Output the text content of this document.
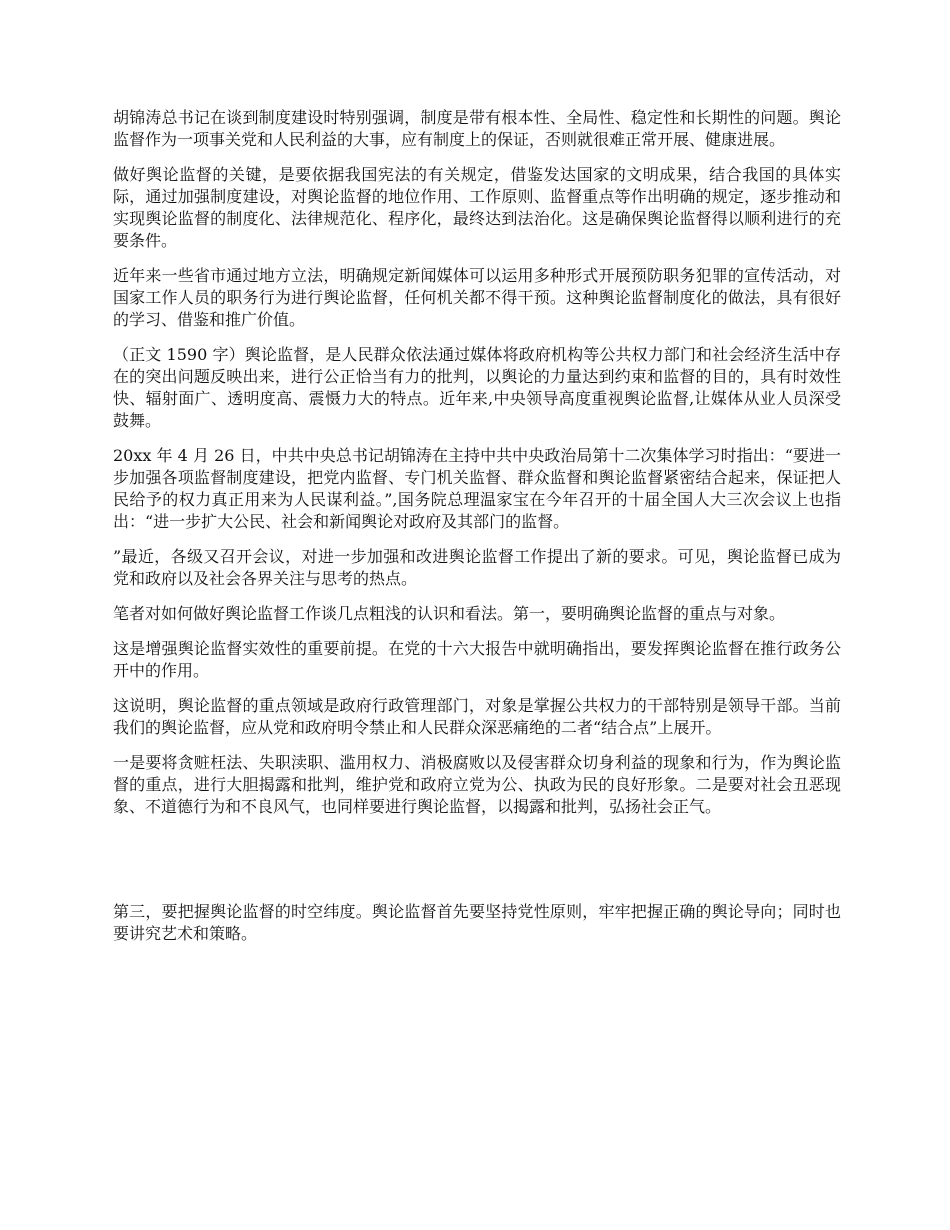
胡锦涛总书记在谈到制度建设时特别强调，制度是带有根本性、全局性、稳定性和长期性的问题。舆论监督作为一项事关党和人民利益的大事，应有制度上的保证，否则就很难正常开展、健康进展。

做好舆论监督的关键，是要依据我国宪法的有关规定，借鉴发达国家的文明成果，结合我国的具体实际，通过加强制度建设，对舆论监督的地位作用、工作原则、监督重点等作出明确的规定，逐步推动和实现舆论监督的制度化、法律规范化、程序化，最终达到法治化。这是确保舆论监督得以顺利进行的充要条件。

近年来一些省市通过地方立法，明确规定新闻媒体可以运用多种形式开展预防职务犯罪的宣传活动，对国家工作人员的职务行为进行舆论监督，任何机关都不得干预。这种舆论监督制度化的做法，具有很好的学习、借鉴和推广价值。

（正文 1590 字）舆论监督，是人民群众依法通过媒体将政府机构等公共权力部门和社会经济生活中存在的突出问题反映出来，进行公正恰当有力的批判，以舆论的力量达到约束和监督的目的，具有时效性快、辐射面广、透明度高、震慑力大的特点。近年来,中央领导高度重视舆论监督,让媒体从业人员深受鼓舞。

20xx 年 4 月 26 日，中共中央总书记胡锦涛在主持中共中央政治局第十二次集体学习时指出：“要进一步加强各项监督制度建设，把党内监督、专门机关监督、群众监督和舆论监督紧密结合起来，保证把人民给予的权力真正用来为人民谋利益。”,国务院总理温家宝在今年召开的十届全国人大三次会议上也指出：“进一步扩大公民、社会和新闻舆论对政府及其部门的监督。

”最近，各级又召开会议，对进一步加强和改进舆论监督工作提出了新的要求。可见，舆论监督已成为党和政府以及社会各界关注与思考的热点。

笔者对如何做好舆论监督工作谈几点粗浅的认识和看法。第一，要明确舆论监督的重点与对象。

这是增强舆论监督实效性的重要前提。在党的十六大报告中就明确指出，要发挥舆论监督在推行政务公开中的作用。

这说明，舆论监督的重点领域是政府行政管理部门，对象是掌握公共权力的干部特别是领导干部。当前我们的舆论监督，应从党和政府明令禁止和人民群众深恶痛绝的二者“结合点”上展开。

一是要将贪赃枉法、失职渎职、滥用权力、消极腐败以及侵害群众切身利益的现象和行为，作为舆论监督的重点，进行大胆揭露和批判，维护党和政府立党为公、执政为民的良好形象。二是要对社会丑恶现象、不道德行为和不良风气，也同样要进行舆论监督，以揭露和批判，弘扬社会正气。

第三，要把握舆论监督的时空纬度。舆论监督首先要坚持党性原则，牢牢把握正确的舆论导向；同时也要讲究艺术和策略。
